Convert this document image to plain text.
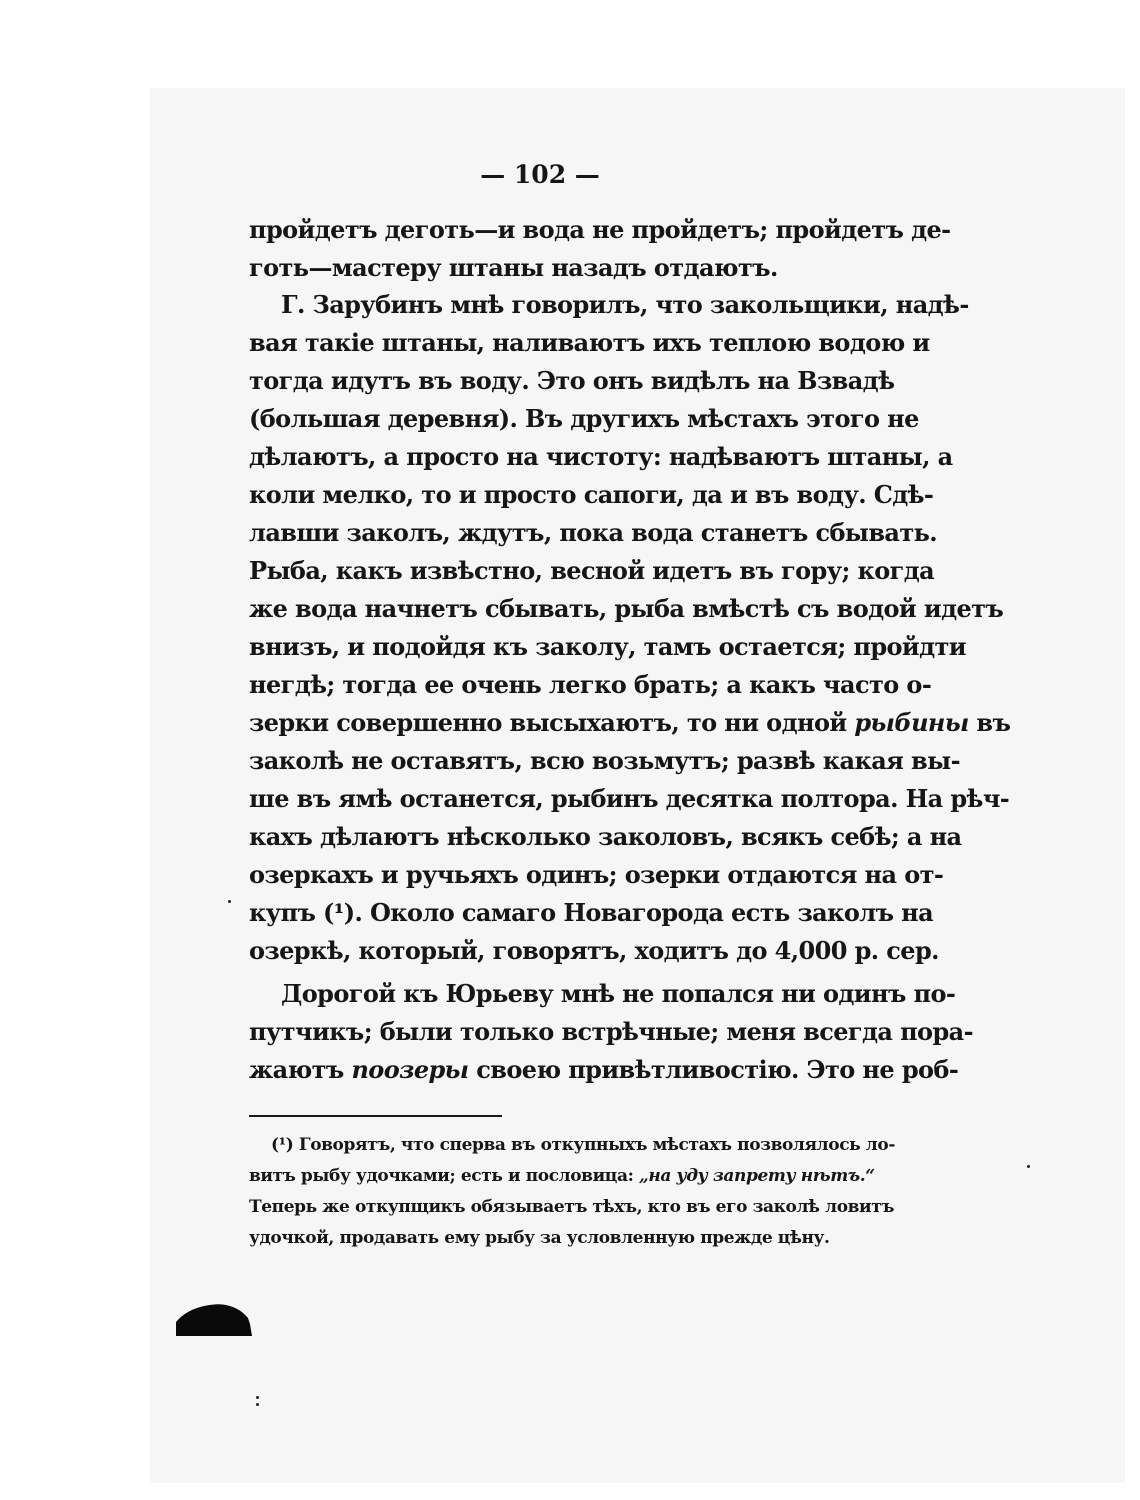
— 102 —

пройдетъ деготь—и вода не пройдетъ; пройдетъ де-
готь—мастеру штаны назадъ отдаютъ.

Г. Зарубинъ мнѣ говорилъ, что закольщики, надѣ-
вая такіе штаны, наливаютъ ихъ теплою водою и
тогда идутъ въ воду. Это онъ видѣлъ на Взвадѣ
(большая деревня). Въ другихъ мѣстахъ этого не
дѣлаютъ, а просто на чистоту: надѣваютъ штаны, а
коли мелко, то и просто сапоги, да и въ воду. Сдѣ-
лавши заколъ, ждутъ, пока вода станетъ сбывать.
Рыба, какъ извѣстно, весной идетъ въ гору; когда
же вода начнетъ сбывать, рыба вмѣстѣ съ водой идетъ
внизъ, и подойдя къ заколу, тамъ остается; пройдти
негдѣ; тогда ее очень легко брать; а какъ часто о-
зерки совершенно высыхаютъ, то ни одной рыбины въ
заколѣ не оставятъ, всю возьмутъ; развѣ какая вы-
ше въ ямѣ останется, рыбинъ десятка полтора. На рѣч-
кахъ дѣлаютъ нѣсколько заколовъ, всякъ себѣ; а на
озеркахъ и ручьяхъ одинъ; озерки отдаются на от-
купъ (¹). Около самаго Новагорода есть заколъ на
озеркѣ, который, говорятъ, ходитъ до 4,000 р. сер.

Дорогой къ Юрьеву мнѣ не попался ни одинъ по-
путчикъ; были только встрѣчные; меня всегда пора-
жаютъ поозеры своею привѣтливостію. Это не роб-

(¹) Говорятъ, что сперва въ откупныхъ мѣстахъ позволялось ло-
витъ рыбу удочками; есть и пословица: „на уду запрету нѣтъ.“
Теперь же откупщикъ обязываетъ тѣхъ, кто въ его заколѣ ловитъ
удочкой, продавать ему рыбу за условленную прежде цѣну.
